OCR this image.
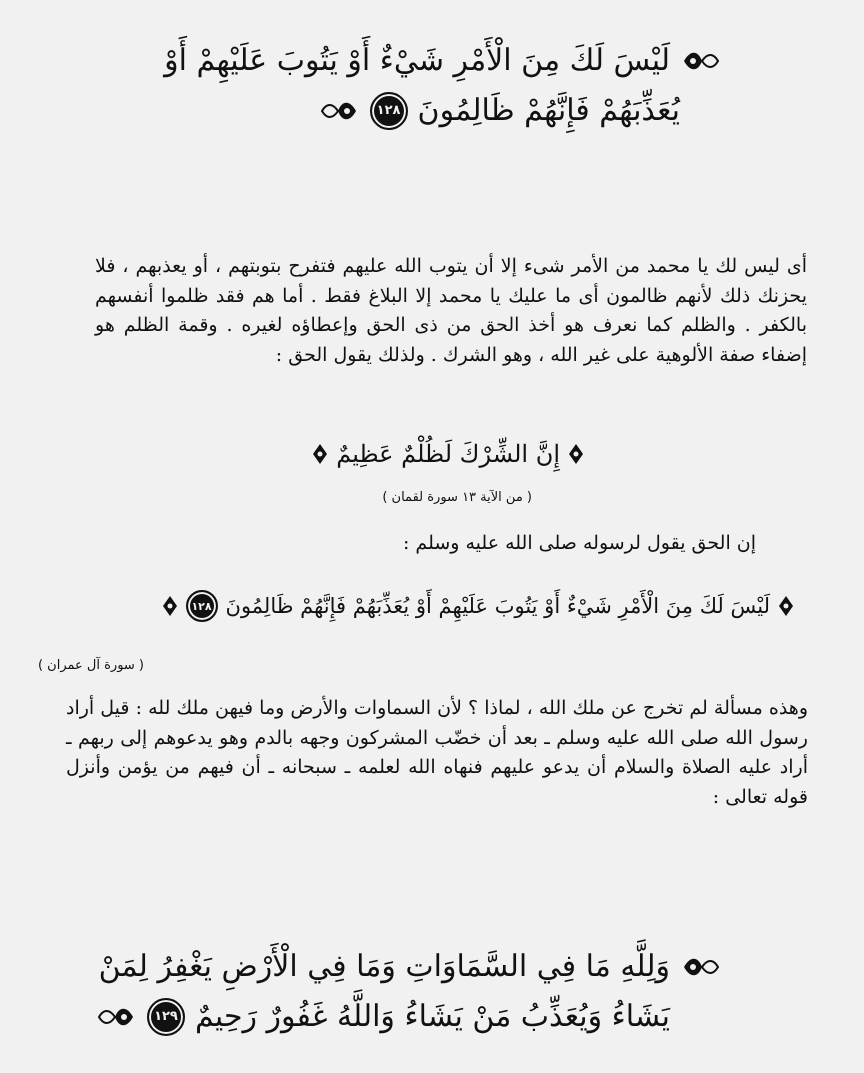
لَيْسَ لَكَ مِنَ الْأَمْرِ شَيْءٌ أَوْ يَتُوبَ عَلَيْهِمْ أَوْ
١٢٨ يُعَذِّبَهُمْ فَإِنَّهُمْ ظَالِمُونَ

أى ليس لك يا محمد من الأمر شىء إلا أن يتوب الله عليهم فتفرح بتوبتهم ، أو يعذبهم ، فلا يحزنك ذلك لأنهم ظالمون أى ما عليك يا محمد إلا البلاغ فقط . أما هم فقد ظلموا أنفسهم بالكفر . والظلم كما نعرف هو أخذ الحق من ذى الحق وإعطاؤه لغيره . وقمة الظلم هو إضفاء صفة الألوهية على غير الله ، وهو الشرك . ولذلك يقول الحق :

إِنَّ الشِّرْكَ لَظُلْمٌ عَظِيمٌ
( من الآية ١٣ سورة لقمان )
إن الحق يقول لرسوله صلى الله عليه وسلم :
١٢٨ لَيْسَ لَكَ مِنَ الْأَمْرِ شَيْءٌ أَوْ يَتُوبَ عَلَيْهِمْ أَوْ يُعَذِّبَهُمْ فَإِنَّهُمْ ظَالِمُونَ
( سورة آل عمران )

وهذه مسألة لم تخرج عن ملك الله ، لماذا ؟ لأن السماوات والأرض وما فيهن ملك لله : قيل أراد رسول الله صلى الله عليه وسلم ـ بعد أن خضّب المشركون وجهه بالدم وهو يدعوهم إلى ربهم ـ أراد عليه الصلاة والسلام أن يدعو عليهم فنهاه الله لعلمه ـ سبحانه ـ أن فيهم من يؤمن وأنزل قوله تعالى :

وَلِلَّهِ مَا فِي السَّمَاوَاتِ وَمَا فِي الْأَرْضِ يَغْفِرُ لِمَنْ
١٢٩ يَشَاءُ وَيُعَذِّبُ مَنْ يَشَاءُ وَاللَّهُ غَفُورٌ رَحِيمٌ
